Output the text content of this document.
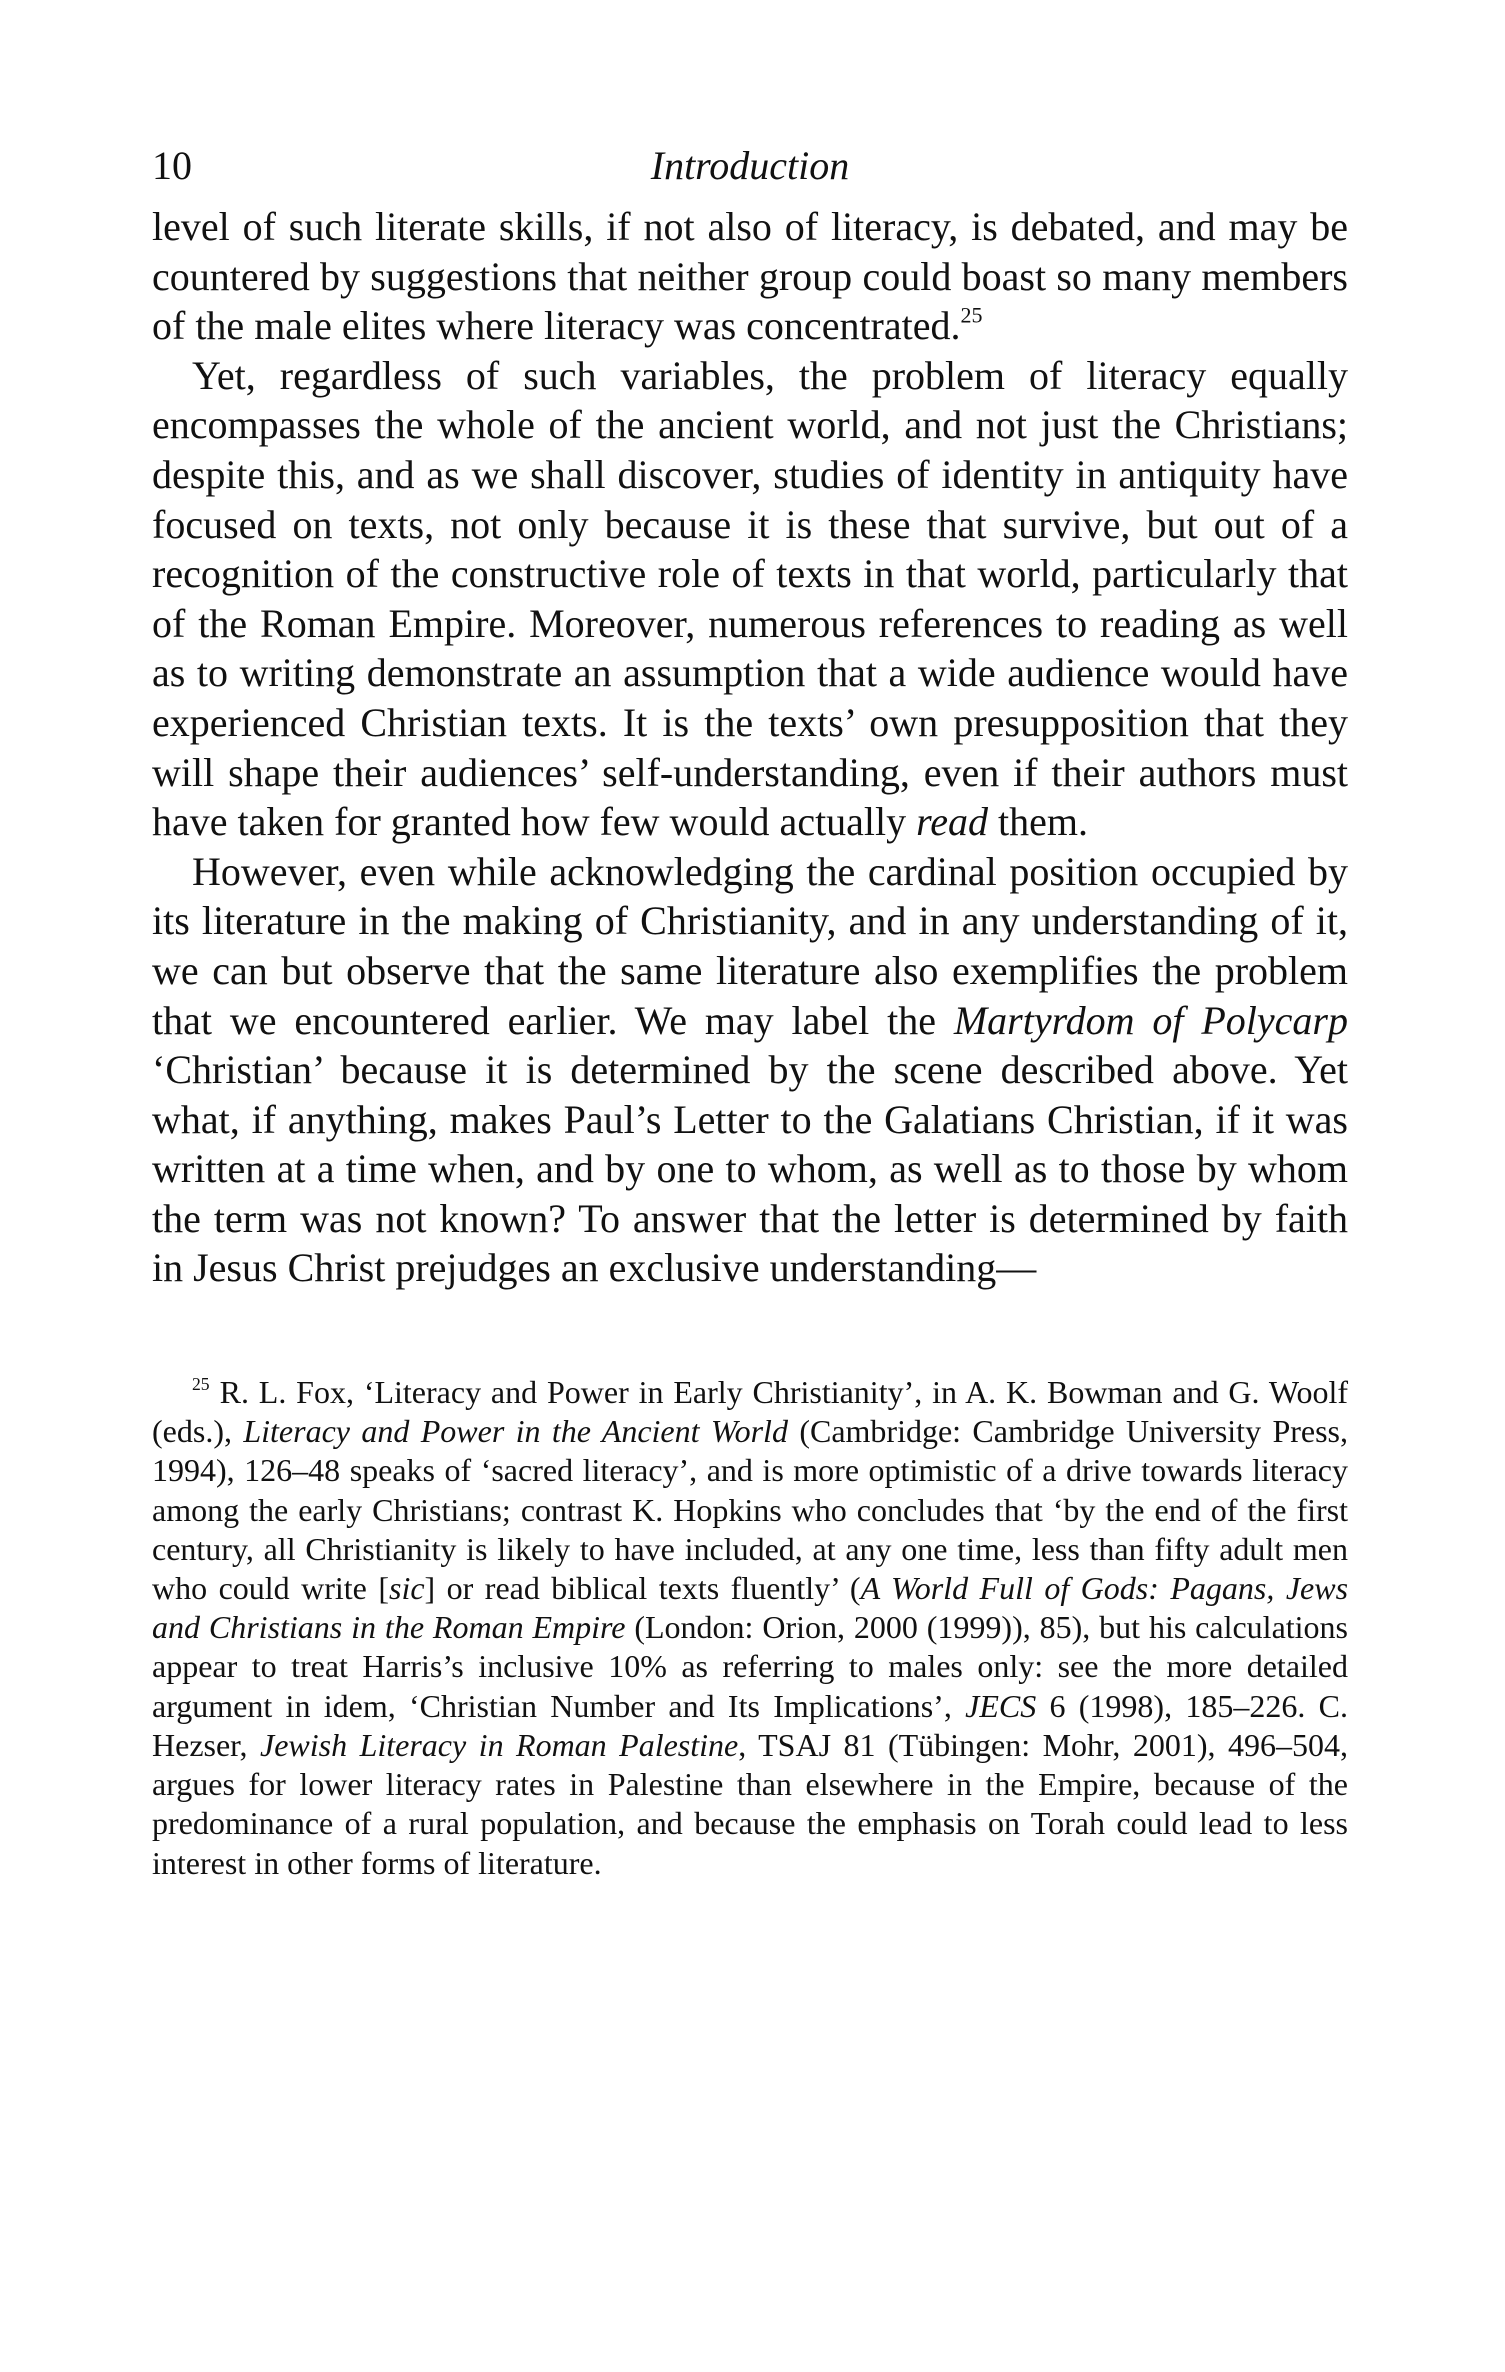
10	Introduction

level of such literate skills, if not also of literacy, is debated, and may be countered by suggestions that neither group could boast so many members of the male elites where literacy was concentrated.$^{25}$

Yet, regardless of such variables, the problem of literacy equally encompasses the whole of the ancient world, and not just the Christians; despite this, and as we shall discover, studies of identity in antiquity have focused on texts, not only because it is these that survive, but out of a recognition of the constructive role of texts in that world, particularly that of the Roman Empire. Moreover, numerous references to reading as well as to writing demonstrate an assumption that a wide audience would have experienced Christian texts. It is the texts’ own presupposition that they will shape their audiences’ self-understanding, even if their authors must have taken for granted how few would actually read them.

However, even while acknowledging the cardinal position occupied by its literature in the making of Christianity, and in any understanding of it, we can but observe that the same literature also exemplifies the problem that we encountered earlier. We may label the Martyrdom of Polycarp ‘Christian’ because it is determined by the scene described above. Yet what, if anything, makes Paul’s Letter to the Galatians Christian, if it was written at a time when, and by one to whom, as well as to those by whom the term was not known? To answer that the letter is determined by faith in Jesus Christ prejudges an exclusive understanding—

$^{25}$ R. L. Fox, ‘Literacy and Power in Early Christianity’, in A. K. Bowman and G. Woolf (eds.), Literacy and Power in the Ancient World (Cambridge: Cambridge University Press, 1994), 126–48 speaks of ‘sacred literacy’, and is more optimistic of a drive towards literacy among the early Christians; contrast K. Hopkins who concludes that ‘by the end of the first century, all Christianity is likely to have included, at any one time, less than fifty adult men who could write [sic] or read biblical texts fluently’ (A World Full of Gods: Pagans, Jews and Christians in the Roman Empire (London: Orion, 2000 (1999)), 85), but his calculations appear to treat Harris’s inclusive 10% as referring to males only: see the more detailed argument in idem, ‘Christian Number and Its Implications’, JECS 6 (1998), 185–226. C. Hezser, Jewish Literacy in Roman Palestine, TSAJ 81 (Tübingen: Mohr, 2001), 496–504, argues for lower literacy rates in Palestine than elsewhere in the Empire, because of the predominance of a rural population, and because the emphasis on Torah could lead to less interest in other forms of literature.
